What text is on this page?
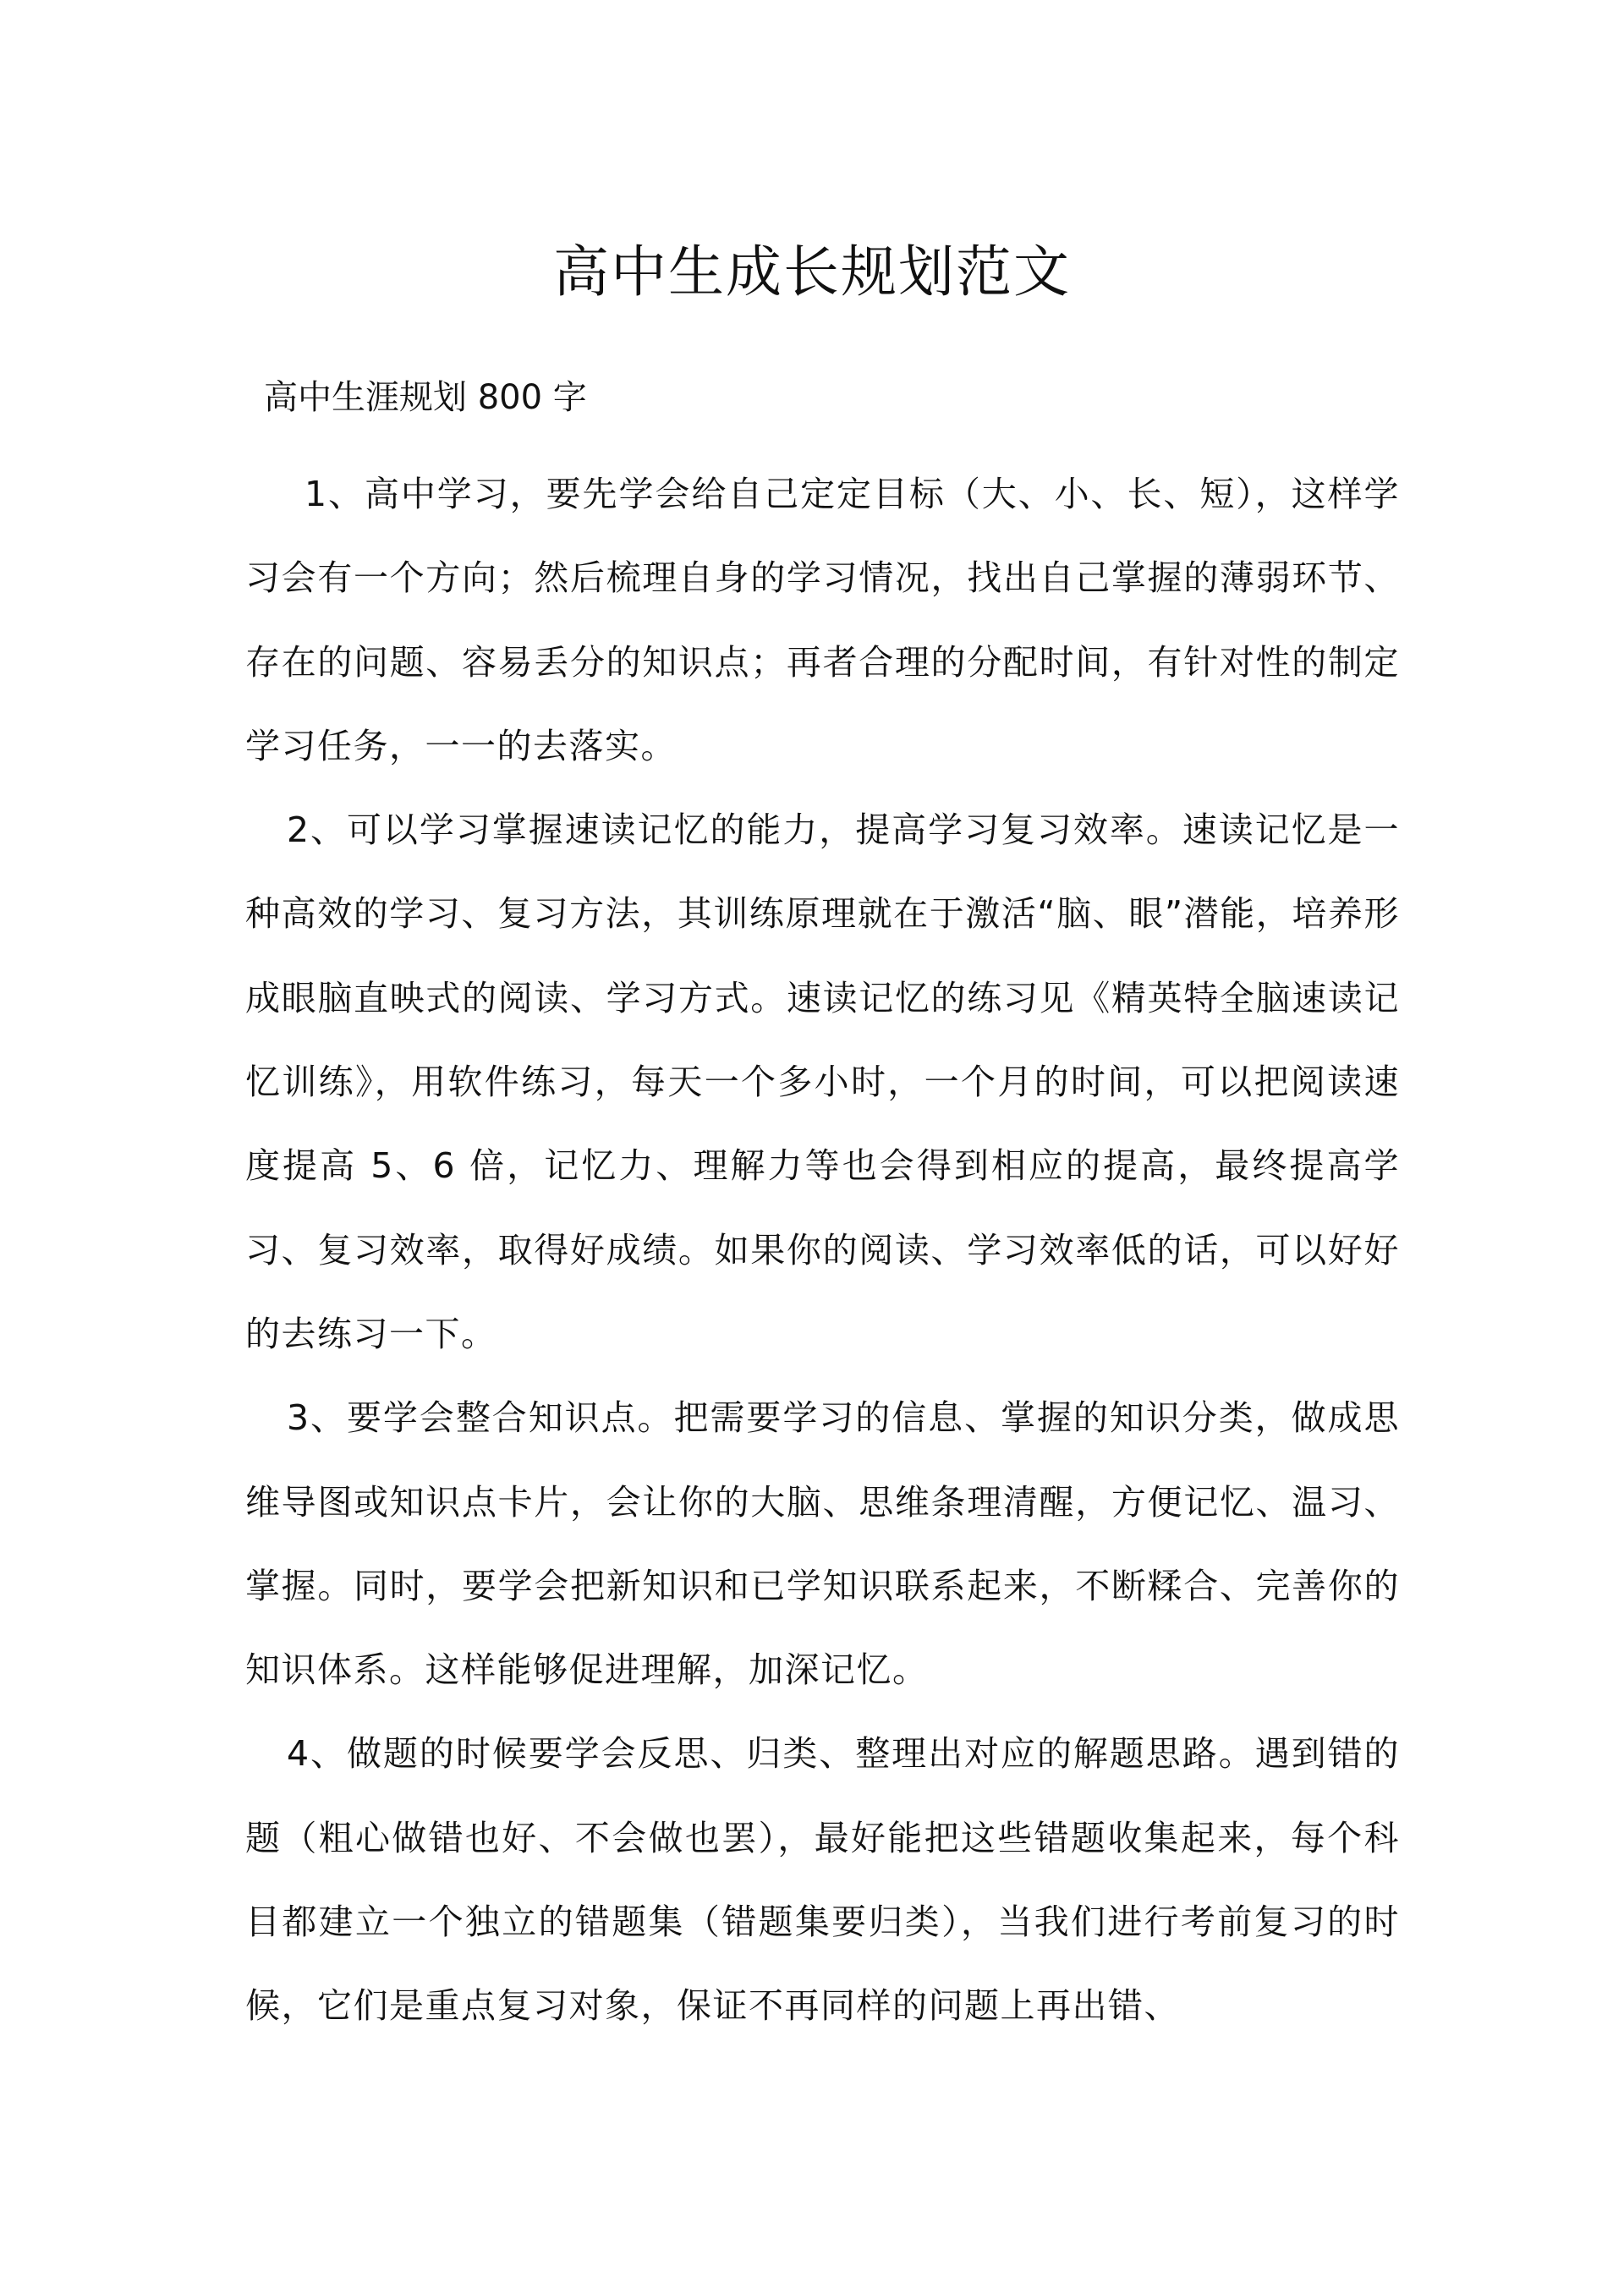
高中生成长规划范文
高中生涯规划 800 字

1、高中学习，要先学会给自己定定目标（大、小、长、短），这样学习会有一个方向；然后梳理自身的学习情况，找出自己掌握的薄弱环节、存在的问题、容易丢分的知识点；再者合理的分配时间，有针对性的制定学习任务，一一的去落实。

2、可以学习掌握速读记忆的能力，提高学习复习效率。速读记忆是一种高效的学习、复习方法，其训练原理就在于激活“脑、眼”潜能，培养形成眼脑直映式的阅读、学习方式。速读记忆的练习见《精英特全脑速读记忆训练》，用软件练习，每天一个多小时，一个月的时间，可以把阅读速度提高 5、6 倍，记忆力、理解力等也会得到相应的提高，最终提高学习、复习效率，取得好成绩。如果你的阅读、学习效率低的话，可以好好的去练习一下。

3、要学会整合知识点。把需要学习的信息、掌握的知识分类，做成思维导图或知识点卡片，会让你的大脑、思维条理清醒，方便记忆、温习、掌握。同时，要学会把新知识和已学知识联系起来，不断糅合、完善你的知识体系。这样能够促进理解，加深记忆。

4、做题的时候要学会反思、归类、整理出对应的解题思路。遇到错的题（粗心做错也好、不会做也罢），最好能把这些错题收集起来，每个科目都建立一个独立的错题集（错题集要归类），当我们进行考前复习的时候，它们是重点复习对象，保证不再同样的问题上再出错、
